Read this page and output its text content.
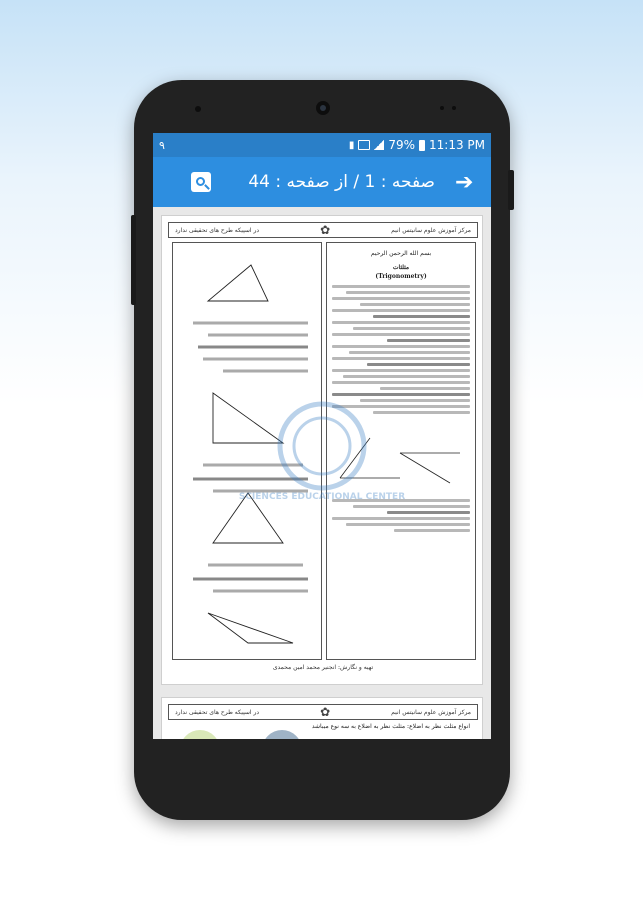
٩	▮	79% 11:13 PM
صفحه : 1 / از صفحه : 44 ➔
مرکز آموزش علوم سانیتس انیم
✿
در اسپیکه طرح های تحقیقی ندارد
بسم الله الرحمن الرحیم
مثلثات
(Trigonometry)
تهیه و نگارش: انجنیر محمد امین محمدی
SCIENCES EDUCATIONAL CENTER
مرکز آموزش علوم سانیتس انیم
✿
در اسپیکه طرح های تحقیقی ندارد
انواع مثلث نظر به اضلاع: مثلث نظر به اضلاع به سه نوع میباشد
